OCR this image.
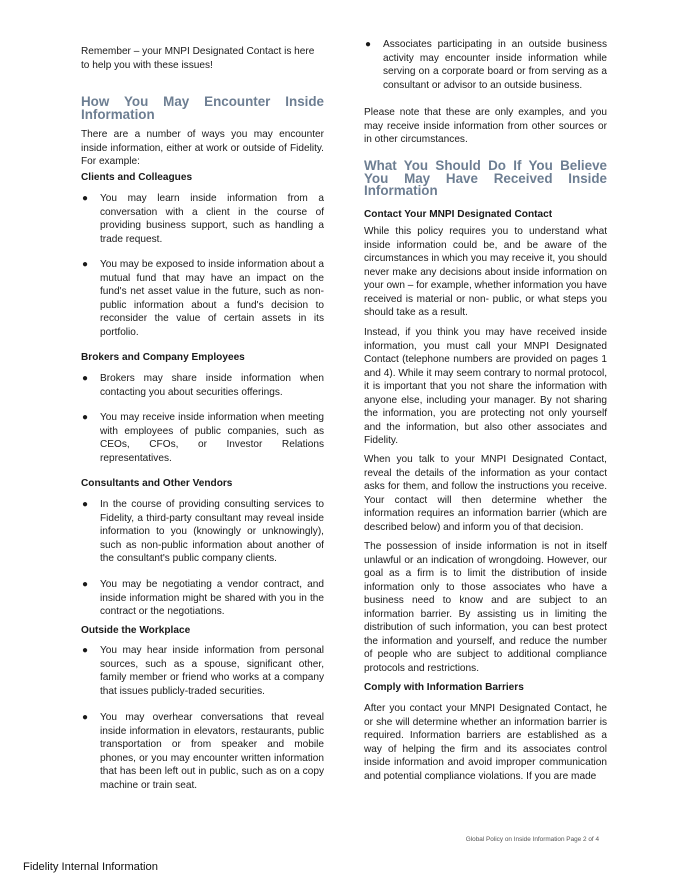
Remember – your MNPI Designated Contact is here to help you with these issues!

How You May Encounter Inside
Information

There are a number of ways you may encounter inside information, either at work or outside of Fidelity. For example:

Clients and Colleagues
● You may learn inside information from a conversation with a client in the course of providing business support, such as handling a trade request.

● You may be exposed to inside information about a mutual fund that may have an impact on the fund's net asset value in the future, such as non-public information about a fund's decision to reconsider the value of certain assets in its portfolio.

Brokers and Company Employees
● Brokers may share inside information when contacting you about securities offerings.

● You may receive inside information when meeting with employees of public companies, such as CEOs, CFOs, or Investor Relations representatives.

Consultants and Other Vendors
● In the course of providing consulting services to Fidelity, a third-party consultant may reveal inside information to you (knowingly or unknowingly), such as non-public information about another of the consultant's public company clients.

● You may be negotiating a vendor contract, and inside information might be shared with you in the contract or the negotiations.

Outside the Workplace
● You may hear inside information from personal sources, such as a spouse, significant other, family member or friend who works at a company that issues publicly-traded securities.

● You may overhear conversations that reveal inside information in elevators, restaurants, public transportation or from speaker and mobile phones, or you may encounter written information that has been left out in public, such as on a copy machine or train seat.

● Associates participating in an outside business activity may encounter inside information while serving on a corporate board or from serving as a consultant or advisor to an outside business.

Please note that these are only examples, and you may receive inside information from other sources or in other circumstances.

What You Should Do If You Believe
You May Have Received Inside
Information
Contact Your MNPI Designated Contact

While this policy requires you to understand what inside information could be, and be aware of the circumstances in which you may receive it, you should never make any decisions about inside information on your own – for example, whether information you have received is material or non- public, or what steps you should take as a result.

Instead, if you think you may have received inside information, you must call your MNPI Designated Contact (telephone numbers are provided on pages 1 and 4). While it may seem contrary to normal protocol, it is important that you not share the information with anyone else, including your manager. By not sharing the information, you are protecting not only yourself and the information, but also other associates and Fidelity.

When you talk to your MNPI Designated Contact, reveal the details of the information as your contact asks for them, and follow the instructions you receive. Your contact will then determine whether the information requires an information barrier (which are described below) and inform you of that decision.

The possession of inside information is not in itself unlawful or an indication of wrongdoing. However, our goal as a firm is to limit the distribution of inside information only to those associates who have a business need to know and are subject to an information barrier. By assisting us in limiting the distribution of such information, you can best protect the information and yourself, and reduce the number of people who are subject to additional compliance protocols and restrictions.

Comply with Information Barriers

After you contact your MNPI Designated Contact, he or she will determine whether an information barrier is required. Information barriers are established as a way of helping the firm and its associates control inside information and avoid improper communication and potential compliance violations. If you are made

Global Policy on Inside Information Page 2 of 4
Fidelity Internal Information
